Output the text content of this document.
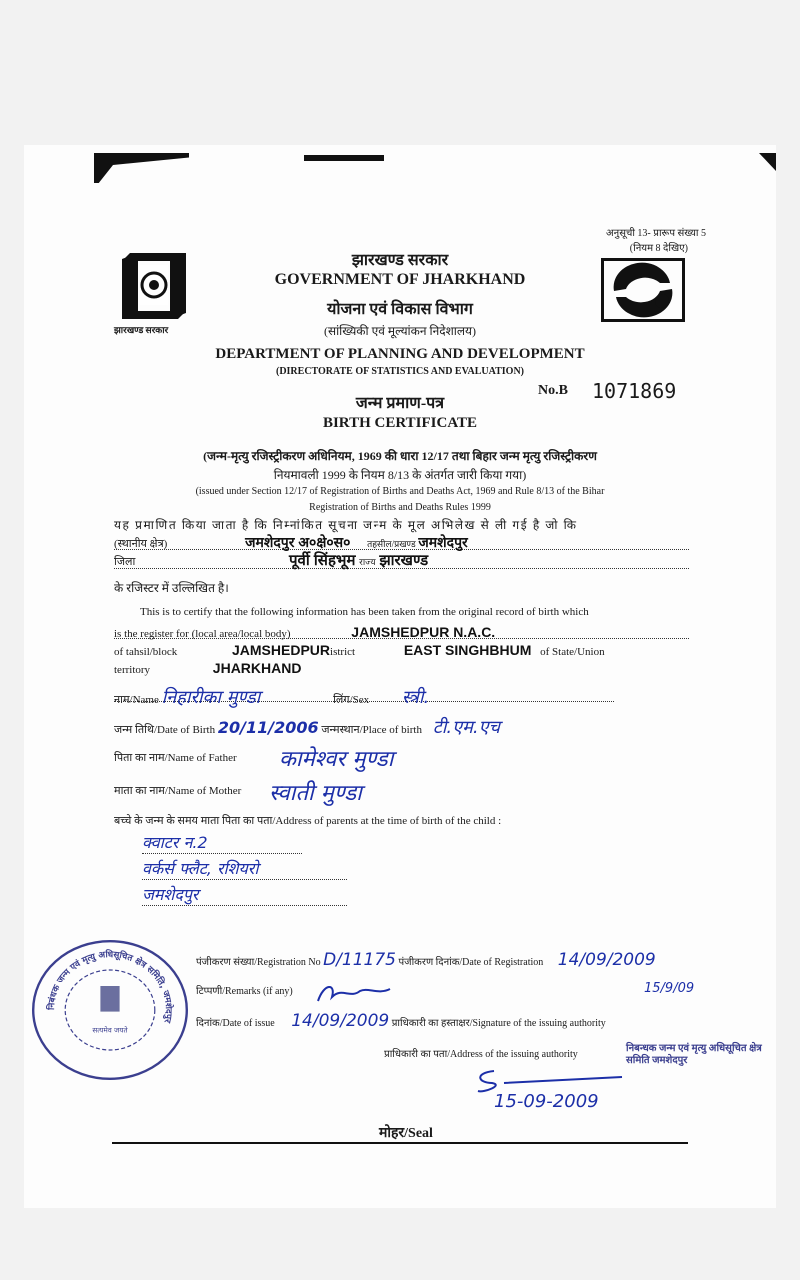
अनुसूची 13- प्रारूप संख्या 5
(नियम 8 देखिए)
झारखण्ड सरकार
झारखण्ड सरकार
GOVERNMENT OF JHARKHAND
योजना एवं विकास विभाग
(सांख्यिकी एवं मूल्यांकन निदेशालय)
DEPARTMENT OF PLANNING AND DEVELOPMENT
(DIRECTORATE OF STATISTICS AND EVALUATION)
No.B 1071869
जन्म प्रमाण-पत्र
BIRTH CERTIFICATE
(जन्म-मृत्यु रजिस्ट्रीकरण अधिनियम, 1969 की धारा 12/17 तथा बिहार जन्म मृत्यु रजिस्ट्रीकरण
नियमावली 1999 के नियम 8/13 के अंतर्गत जारी किया गया)
(issued under Section 12/17 of Registration of Births and Deaths Act, 1969 and Rule 8/13 of the Bihar
Registration of Births and Deaths Rules 1999
यह प्रमाणित किया जाता है कि निम्नांकित सूचना जन्म के मूल अभिलेख से ली गई है जो कि
(स्थानीय क्षेत्र)	जमशेदपुर अ०क्षे०स० तहसील/प्रखण्ड जमशेदपुर
जिला	पूर्वी सिंहभूम राज्य झारखण्ड
के रजिस्टर में उल्लिखित है।
This is to certify that the following information has been taken from the original record of birth which
is the register for (local area/local body)	JAMSHEDPUR N.A.C.
of tahsil/block	JAMSHEDPURistrict	EAST SINGHBHUM of State/Union
territory	JHARKHAND
नाम/Name निहारीका मुण्डा	लिंग/Sex स्त्री.
जन्म तिथि/Date of Birth 20/11/2006 जन्मस्थान/Place of birth टी.एम.एच
पिता का नाम/Name of Father कामेश्वर मुण्डा
माता का नाम/Name of Mother स्वाती मुण्डा
बच्चे के जन्म के समय माता पिता का पता/Address of parents at the time of birth of the child :
क्वाटर न.2
वर्कर्स फ्लैट, रशियरो
जमशेदपुर
पंजीकरण संख्या/Registration No D/11175 पंजीकरण दिनांक/Date of Registration 14/09/2009
टिप्पणी/Remarks (if any)	15/9/09
दिनांक/Date of issue 14/09/2009 प्राधिकारी का हस्ताक्षर/Signature of the issuing authority
प्राधिकारी का पता/Address of the issuing authority
निबन्धक जन्म एवं मृत्यु अधिसूचित क्षेत्र समिति जमशेदपुर
15-09-2009
मोहर/Seal
निबंधक जन्म एवं मृत्यु अधिसूचित क्षेत्र समिति, जमशेदपुर
सत्यमेव जयते
